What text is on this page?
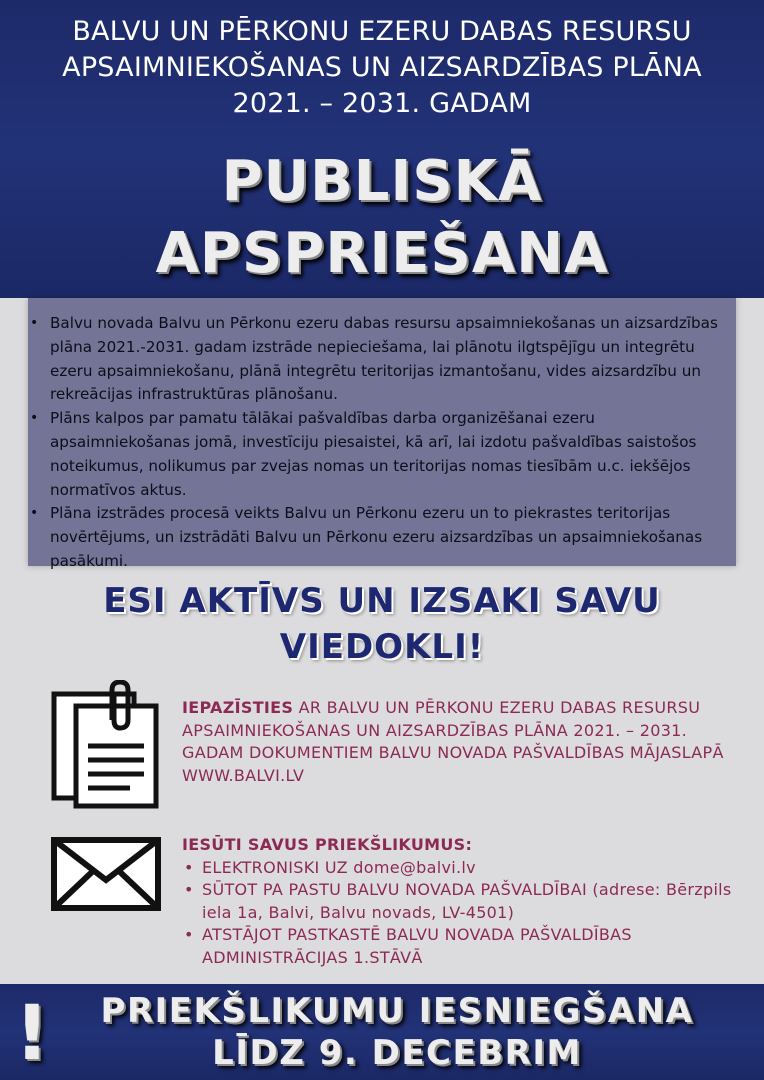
BALVU UN PĒRKONU EZERU DABAS RESURSU
APSAIMNIEKOŠANAS UN AIZSARDZĪBAS PLĀNA
2021. – 2031. GADAM
PUBLISKĀ
APSPRIEŠANA
• Balvu novada Balvu un Pērkonu ezeru dabas resursu apsaimniekošanas un aizsardzības plāna 2021.-2031. gadam izstrāde nepieciešama, lai plānotu ilgtspējīgu un integrētu ezeru apsaimniekošanu, plānā integrētu teritorijas izmantošanu, vides aizsardzību un rekreācijas infrastruktūras plānošanu.
• Plāns kalpos par pamatu tālākai pašvaldības darba organizēšanai ezeru apsaimniekošanas jomā, investīciju piesaistei, kā arī, lai izdotu pašvaldības saistošos noteikumus, nolikumus par zvejas nomas un teritorijas nomas tiesībām u.c. iekšējos normatīvos aktus.
• Plāna izstrādes procesā veikts Balvu un Pērkonu ezeru un to piekrastes teritorijas novērtējums, un izstrādāti Balvu un Pērkonu ezeru aizsardzības un apsaimniekošanas pasākumi.
ESI AKTĪVS UN IZSAKI SAVU
VIEDOKLI!
IEPAZĪSTIES AR BALVU UN PĒRKONU EZERU DABAS RESURSU APSAIMNIEKOŠANAS UN AIZSARDZĪBAS PLĀNA 2021. – 2031. GADAM DOKUMENTIEM BALVU NOVADA PAŠVALDĪBAS MĀJASLAPĀ WWW.BALVI.LV
IESŪTI SAVUS PRIEKŠLIKUMUS:
• ELEKTRONISKI UZ dome@balvi.lv
• SŪTOT PA PASTU BALVU NOVADA PAŠVALDĪBAI (adrese: Bērzpils iela 1a, Balvi, Balvu novads, LV-4501)
• ATSTĀJOT PASTKASTĒ BALVU NOVADA PAŠVALDĪBAS ADMINISTRĀCIJAS 1.STĀVĀ
!	PRIEKŠLIKUMU IESNIEGŠANA
LĪDZ 9. DECEBRIM
